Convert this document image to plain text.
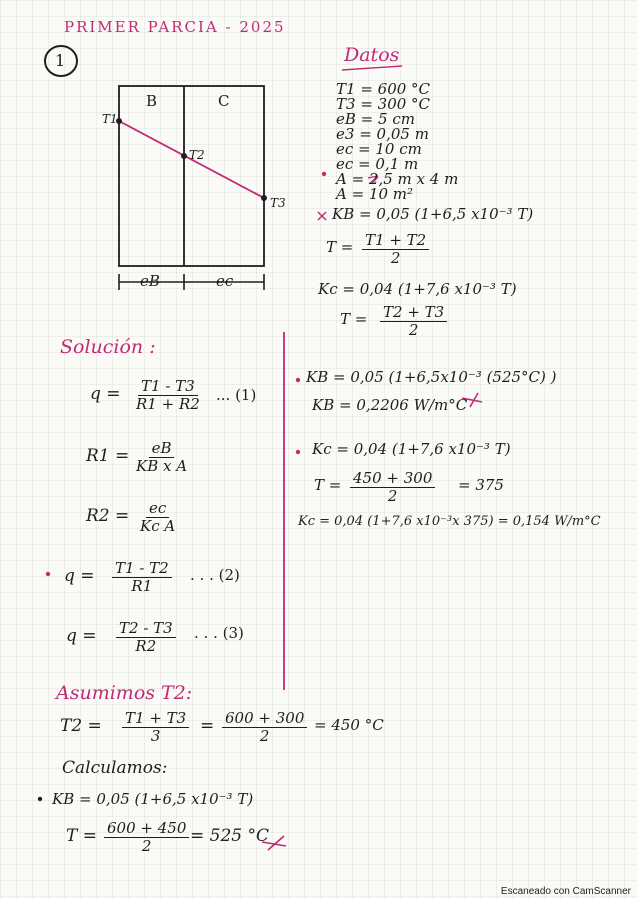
PRIMER PARCIA - 2025
1
B	C
T1
T2
T3
eB	ec
Datos
T1 = 600 °C
T3 = 300 °C
eB = 5 cm
e3 = 0,05 m
ec = 10 cm
ec = 0,1 m
A = 2,5 m x 4 m
A = 10 m²
KB = 0,05 (1+6,5 x10⁻³ T)
$T = \frac{T1 + T2}{2}$
Kc = 0,04 (1+7,6 x10⁻³ T)
$T = \frac{T2 + T3}{2}$
Solución :
$q = \frac{T1 - T3}{R1 + R2}$ ... (1)
$R1 = \frac{eB}{\text{KB x A}}$
$R2 = \frac{ec}{\text{Kc A}}$
$q = \frac{T1 - T2}{R1}$ . . . (2)
$q = \frac{T2 - T3}{R2}$ . . . (3)
KB = 0,05 (1+6,5x10⁻³ (525°C) )
KB = 0,2206 W/m°C
Kc = 0,04 (1+7,6 x10⁻³ T)
$T = \frac{450 + 300}{2} = 375$
Kc = 0,04 (1+7,6 x10⁻³x 375) = 0,154 W/m°C
Asumimos T2:
$T2 = \frac{T1 + T3}{3} = \frac{600 + 300}{2} = 450$ °C
Calculamos:
KB = 0,05 (1+6,5 x10⁻³ T)
$T = \frac{600 + 450}{2} = 525$ °C
Escaneado con CamScanner
